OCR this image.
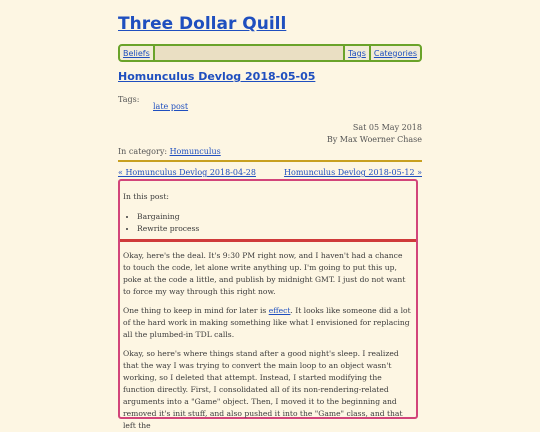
Three Dollar Quill
Beliefs	Tags Categories
Homunculus Devlog 2018-05-05
Tags:
late post
Sat 05 May 2018
By Max Woerner Chase
In category: Homunculus
« Homunculus Devlog 2018-04-28	Homunculus Devlog 2018-05-12 »
In this post:
• Bargaining
• Rewrite process

Okay, here's the deal. It's 9:30 PM right now, and I haven't had a chance to touch the code, let alone write anything up. I'm going to put this up, poke at the code a little, and publish by midnight GMT. I just do not want to force my way through this right now.

One thing to keep in mind for later is effect. It looks like someone did a lot of the hard work in making something like what I envisioned for replacing all the plumbed-in TDL calls.

Okay, so here's where things stand after a good night's sleep. I realized that the way I was trying to convert the main loop to an object wasn't working, so I deleted that attempt. Instead, I started modifying the function directly. First, I consolidated all of its non-rendering-related arguments into a "Game" object. Then, I moved it to the beginning and removed it's init stuff, and also pushed it into the "Game" class, and that left the
